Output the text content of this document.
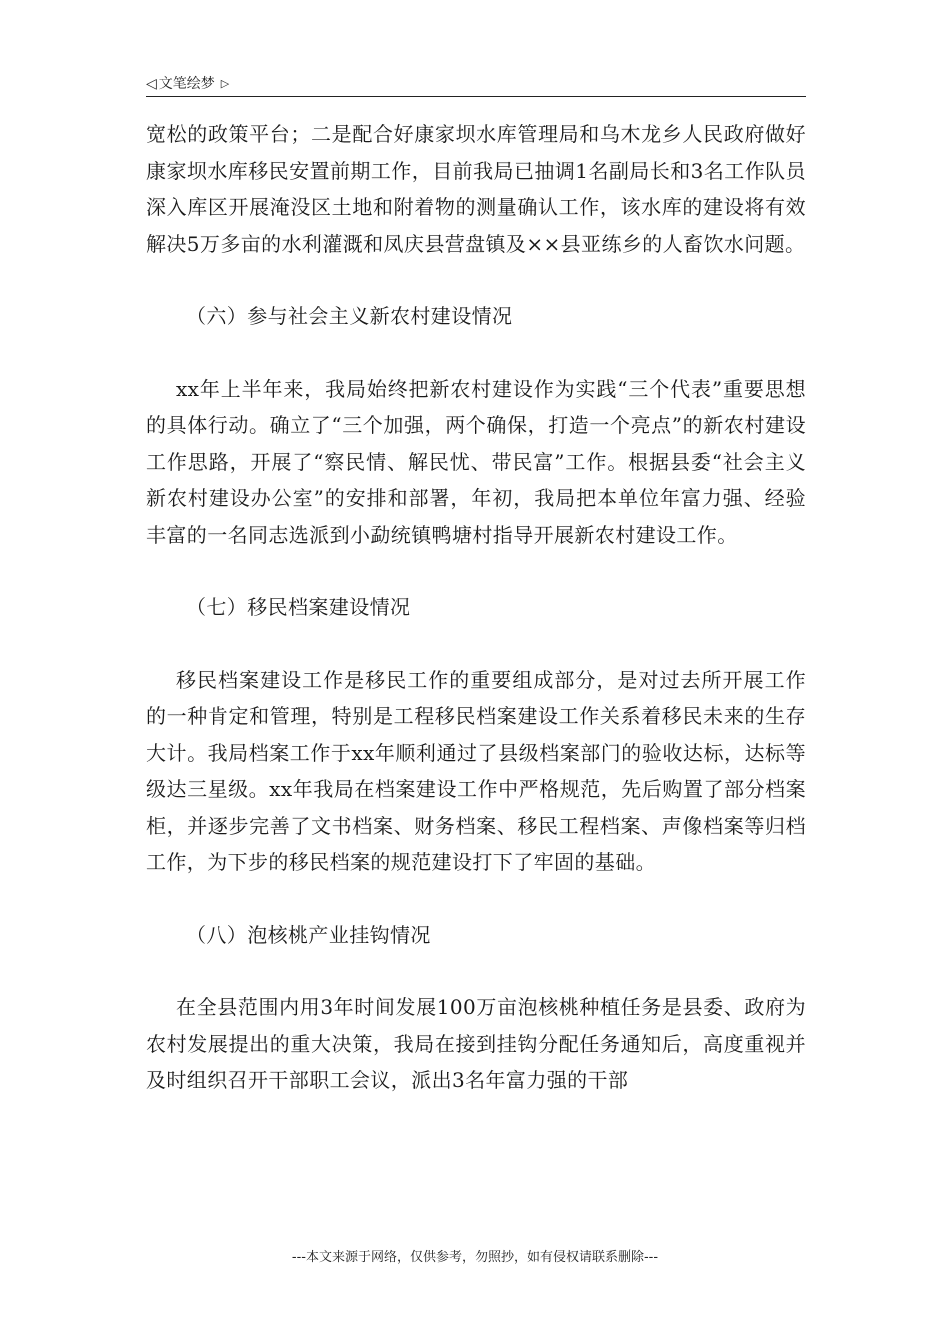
◁ 文笔绘梦 ▷

宽松的政策平台；二是配合好康家坝水库管理局和乌木龙乡人民政府做好康家坝水库移民安置前期工作，目前我局已抽调1名副局长和3名工作队员深入库区开展淹没区土地和附着物的测量确认工作，该水库的建设将有效解决5万多亩的水利灌溉和凤庆县营盘镇及××县亚练乡的人畜饮水问题。

（六）参与社会主义新农村建设情况

xx年上半年来，我局始终把新农村建设作为实践“三个代表”重要思想的具体行动。确立了“三个加强，两个确保，打造一个亮点”的新农村建设工作思路，开展了“察民情、解民忧、带民富”工作。根据县委“社会主义新农村建设办公室”的安排和部署，年初，我局把本单位年富力强、经验丰富的一名同志选派到小勐统镇鸭塘村指导开展新农村建设工作。

（七）移民档案建设情况

移民档案建设工作是移民工作的重要组成部分，是对过去所开展工作的一种肯定和管理，特别是工程移民档案建设工作关系着移民未来的生存大计。我局档案工作于xx年顺利通过了县级档案部门的验收达标，达标等级达三星级。xx年我局在档案建设工作中严格规范，先后购置了部分档案柜，并逐步完善了文书档案、财务档案、移民工程档案、声像档案等归档工作，为下步的移民档案的规范建设打下了牢固的基础。

（八）泡核桃产业挂钩情况

在全县范围内用3年时间发展100万亩泡核桃种植任务是县委、政府为农村发展提出的重大决策，我局在接到挂钩分配任务通知后，高度重视并及时组织召开干部职工会议，派出3名年富力强的干部

---本文来源于网络，仅供参考，勿照抄，如有侵权请联系删除---
